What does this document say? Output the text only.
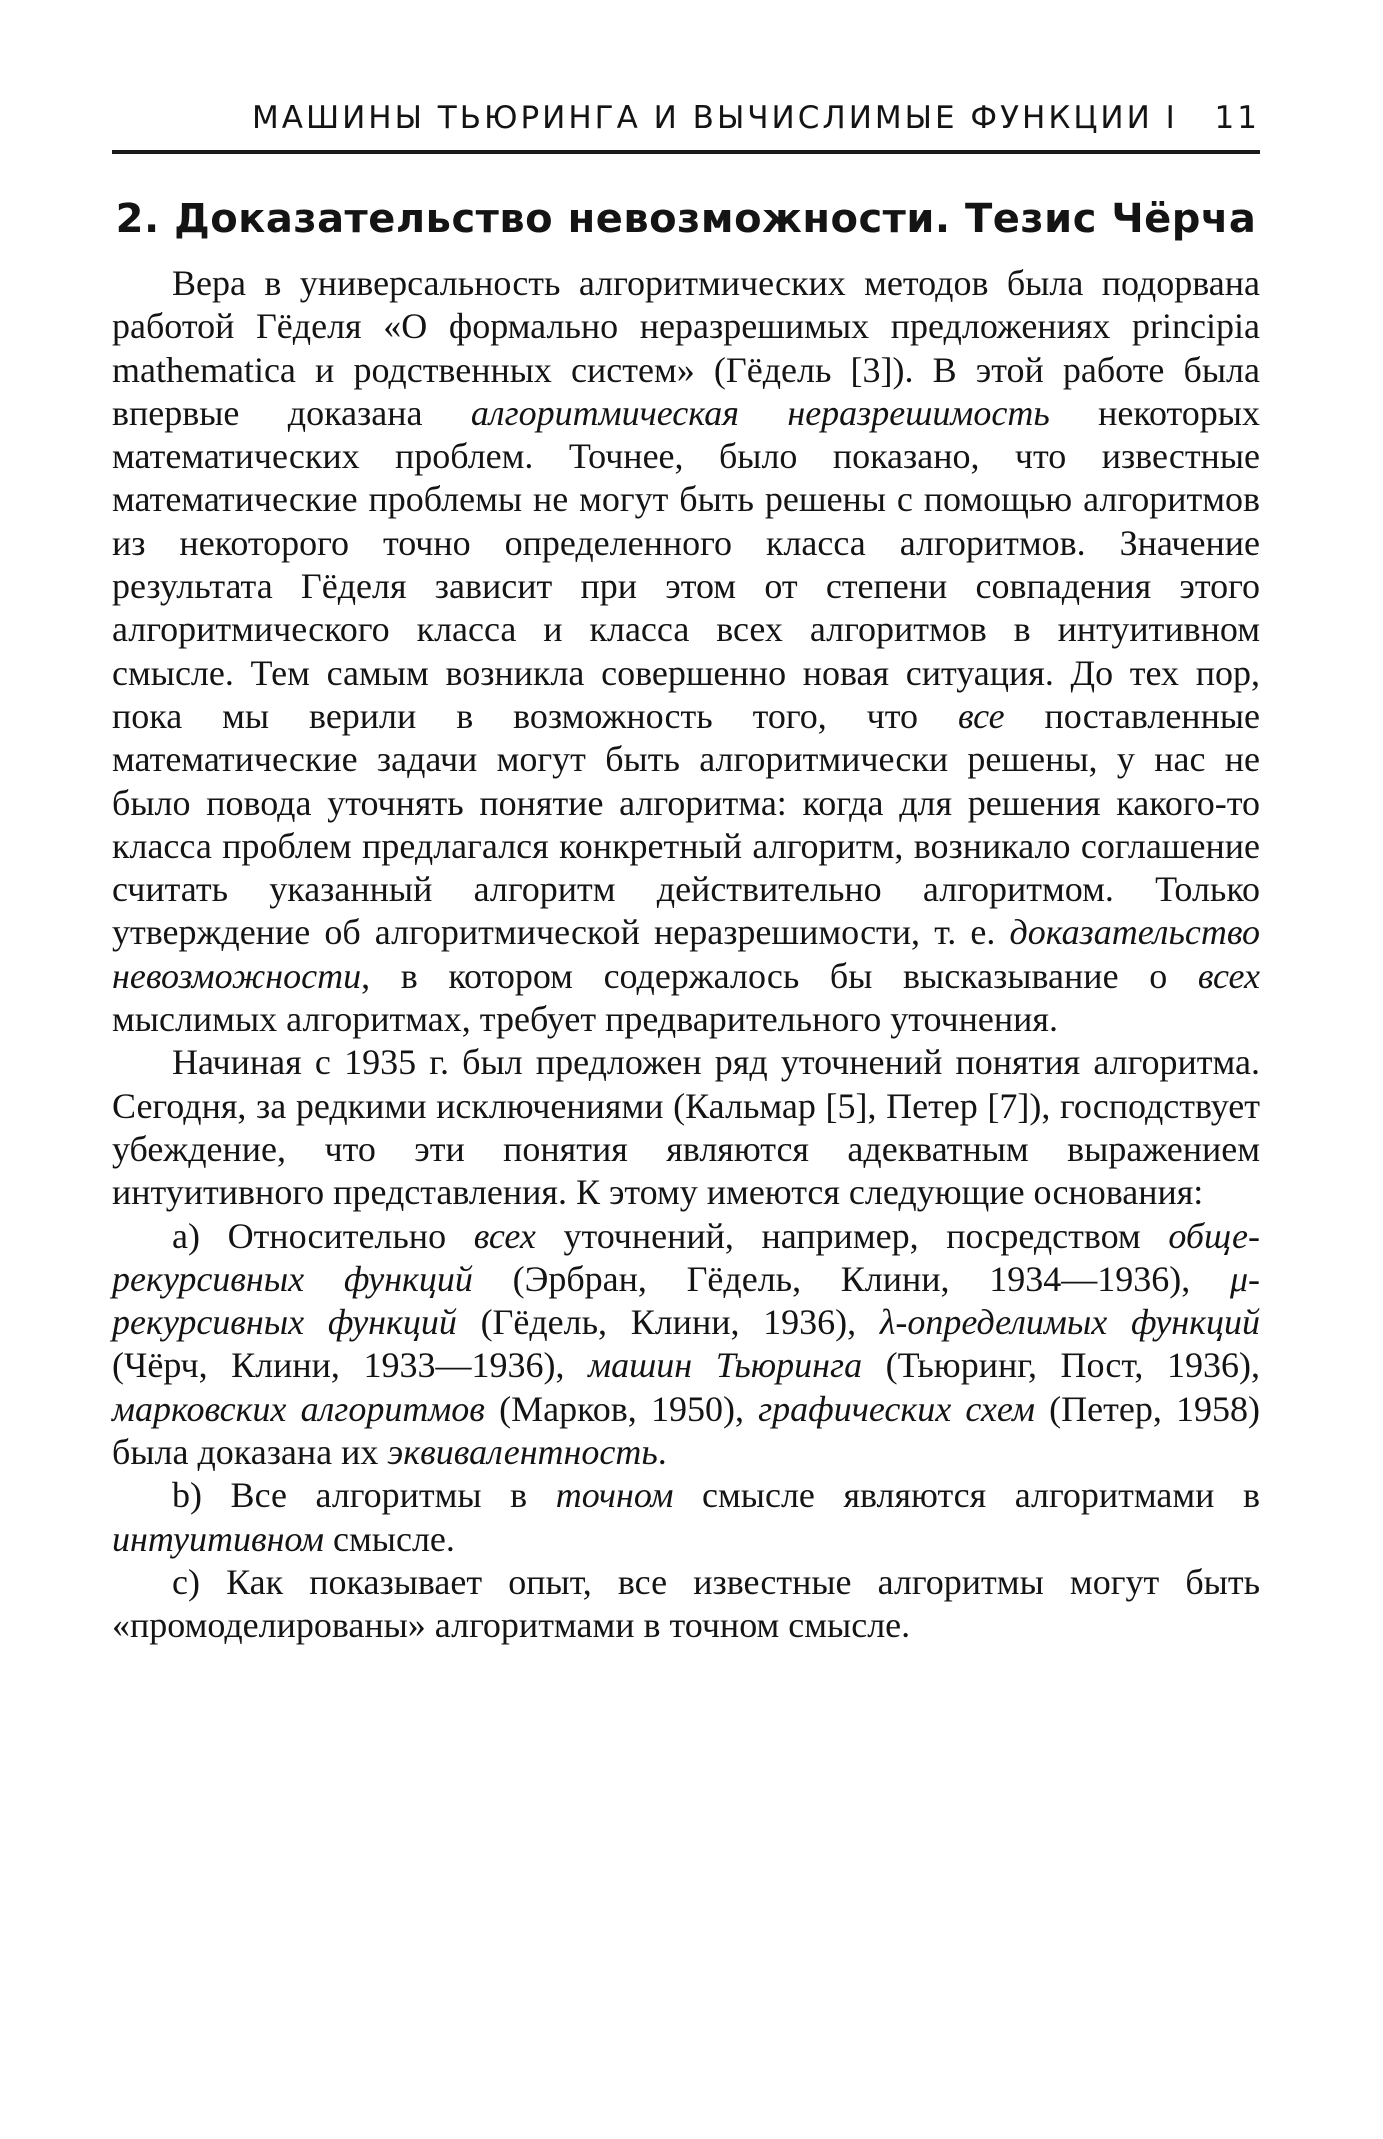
МАШИНЫ ТЬЮРИНГА И ВЫЧИСЛИМЫЕ ФУНКЦИИ I 11
2. Доказательство невозможности. Тезис Чёрча

Вера в универсальность алгоритмических методов была подорвана работой Гёделя «О формально неразрешимых предложениях principia mathematica и родственных систем» (Гёдель [3]). В этой работе была впервые доказана алгоритмическая неразрешимость некоторых математических проблем. Точнее, было показано, что известные математические проблемы не могут быть решены с помощью алгоритмов из некоторого точно определенного класса алгоритмов. Значение результата Гёделя зависит при этом от степени совпадения этого алгоритмического класса и класса всех алгоритмов в интуитивном смысле. Тем самым возникла совершенно новая ситуация. До тех пор, пока мы верили в возможность того, что все поставленные математические задачи могут быть алгоритмически решены, у нас не было повода уточнять понятие алгоритма: когда для решения какого-то класса проблем предлагался конкретный алгоритм, возникало соглашение считать указанный алгоритм действительно алгоритмом. Только утверждение об алгоритмической неразрешимости, т. е. доказательство невозможности, в котором содержалось бы высказывание о всех мыслимых алгоритмах, требует предварительного уточнения.

Начиная с 1935 г. был предложен ряд уточнений понятия алгоритма. Сегодня, за редкими исключениями (Кальмар [5], Петер [7]), господствует убеждение, что эти понятия являются адекватным выражением интуитивного представления. К этому имеются следующие основания:

а) Относительно всех уточнений, например, посредством обще-рекурсивных функций (Эрбран, Гёдель, Клини, 1934—1936), μ-рекурсивных функций (Гёдель, Клини, 1936), λ-определимых функций (Чёрч, Клини, 1933—1936), машин Тьюринга (Тьюринг, Пост, 1936), марковских алгоритмов (Марков, 1950), графических схем (Петер, 1958) была доказана их эквивалентность.

b) Все алгоритмы в точном смысле являются алгоритмами в интуитивном смысле.

с) Как показывает опыт, все известные алгоритмы могут быть «промоделированы» алгоритмами в точном смысле.
